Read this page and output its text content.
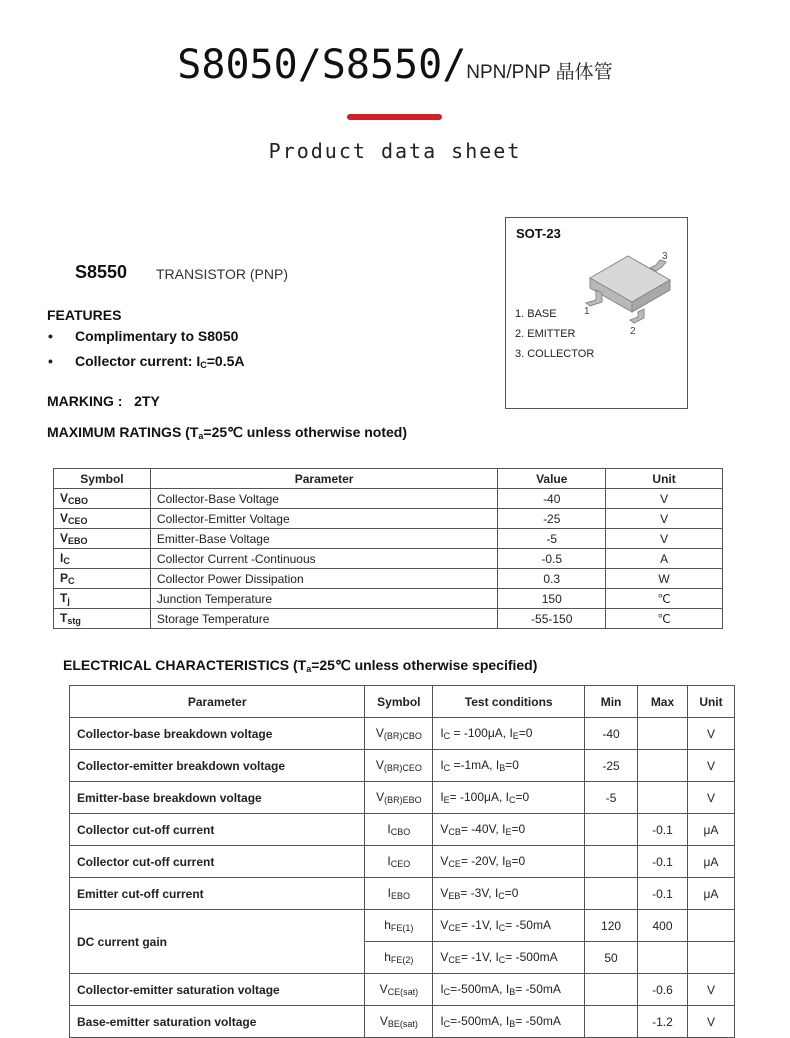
S8050/S8550/NPN/PNP 晶体管
Product data sheet
S8550 TRANSISTOR (PNP)
FEATURES
• Complimentary to S8050
• Collector current: $I_C=0.5A$
MARKING : 2TY
MAXIMUM RATINGS ($T_a=25℃$ unless otherwise noted)
SOT-23
3
1
2
1. BASE
2. EMITTER
3. COLLECTOR
Symbol	Parameter	Value	Unit
$V_{CBO}$	Collector-Base Voltage	-40	V
$V_{CEO}$	Collector-Emitter Voltage	-25	V
$V_{EBO}$	Emitter-Base Voltage	-5	V
$I_C$	Collector Current -Continuous	-0.5	A
$P_C$	Collector Power Dissipation	0.3	W
$T_j$	Junction Temperature	150	℃
$T_{stg}$	Storage Temperature	-55-150	℃
ELECTRICAL CHARACTERISTICS ($T_a=25℃$ unless otherwise specified)
Parameter	Symbol	Test conditions	Min	Max	Unit
Collector-base breakdown voltage	$V_{(BR)CBO}$	$I_C = -100\mu A$, $I_E=0$	-40		V
Collector-emitter breakdown voltage	$V_{(BR)CEO}$	$I_C =-1mA$, $I_B=0$	-25		V
Emitter-base breakdown voltage	$V_{(BR)EBO}$	$I_E= -100\mu A$, $I_C=0$	-5		V
Collector cut-off current	$I_{CBO}$	$V_{CB}= -40V$, $I_E=0$		-0.1	μA
Collector cut-off current	$I_{CEO}$	$V_{CE}= -20V$, $I_B=0$		-0.1	μA
Emitter cut-off current	$I_{EBO}$	$V_{EB}= -3V$, $I_C=0$		-0.1	μA
DC current gain	$h_{FE(1)}$	$V_{CE}= -1V$, $I_C= -50mA$	120	400	
	$h_{FE(2)}$	$V_{CE}= -1V$, $I_C= -500mA$	50		
Collector-emitter saturation voltage	$V_{CE(sat)}$	$I_C=-500mA$, $I_B= -50mA$		-0.6	V
Base-emitter saturation voltage	$V_{BE(sat)}$	$I_C=-500mA$, $I_B= -50mA$		-1.2	V
